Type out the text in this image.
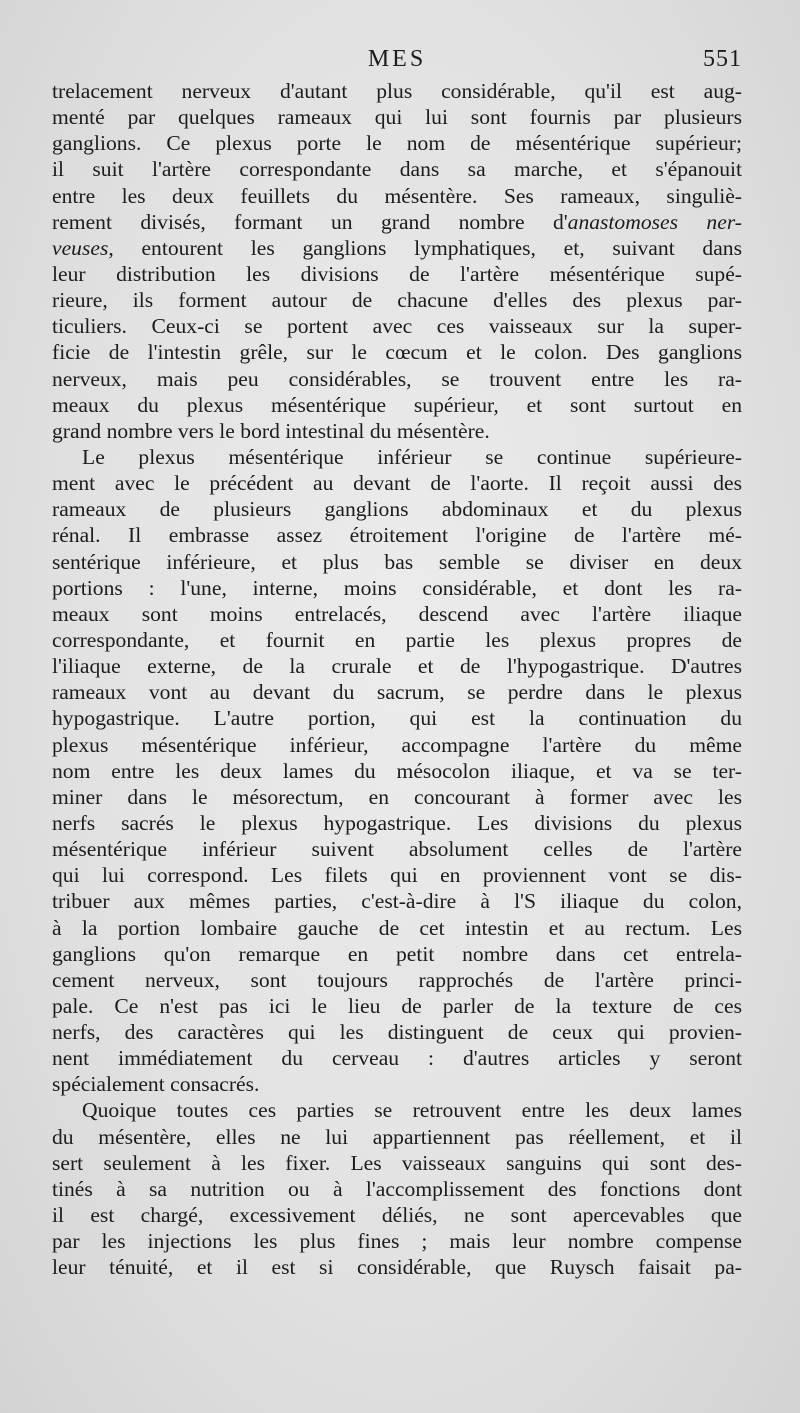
MES	551
trelacement nerveux d'autant plus considérable, qu'il est aug-
menté par quelques rameaux qui lui sont fournis par plusieurs
ganglions. Ce plexus porte le nom de mésentérique supérieur;
il suit l'artère correspondante dans sa marche, et s'épanouit
entre les deux feuillets du mésentère. Ses rameaux, singuliè-
rement divisés, formant un grand nombre d'anastomoses ner-
veuses, entourent les ganglions lymphatiques, et, suivant dans
leur distribution les divisions de l'artère mésentérique supé-
rieure, ils forment autour de chacune d'elles des plexus par-
ticuliers. Ceux-ci se portent avec ces vaisseaux sur la super-
ficie de l'intestin grêle, sur le cœcum et le colon. Des ganglions
nerveux, mais peu considérables, se trouvent entre les ra-
meaux du plexus mésentérique supérieur, et sont surtout en
grand nombre vers le bord intestinal du mésentère.
Le plexus mésentérique inférieur se continue supérieure-
ment avec le précédent au devant de l'aorte. Il reçoit aussi des
rameaux de plusieurs ganglions abdominaux et du plexus
rénal. Il embrasse assez étroitement l'origine de l'artère mé-
sentérique inférieure, et plus bas semble se diviser en deux
portions : l'une, interne, moins considérable, et dont les ra-
meaux sont moins entrelacés, descend avec l'artère iliaque
correspondante, et fournit en partie les plexus propres de
l'iliaque externe, de la crurale et de l'hypogastrique. D'autres
rameaux vont au devant du sacrum, se perdre dans le plexus
hypogastrique. L'autre portion, qui est la continuation du
plexus mésentérique inférieur, accompagne l'artère du même
nom entre les deux lames du mésocolon iliaque, et va se ter-
miner dans le mésorectum, en concourant à former avec les
nerfs sacrés le plexus hypogastrique. Les divisions du plexus
mésentérique inférieur suivent absolument celles de l'artère
qui lui correspond. Les filets qui en proviennent vont se dis-
tribuer aux mêmes parties, c'est-à-dire à l'S iliaque du colon,
à la portion lombaire gauche de cet intestin et au rectum. Les
ganglions qu'on remarque en petit nombre dans cet entrela-
cement nerveux, sont toujours rapprochés de l'artère princi-
pale. Ce n'est pas ici le lieu de parler de la texture de ces
nerfs, des caractères qui les distinguent de ceux qui provien-
nent immédiatement du cerveau : d'autres articles y seront
spécialement consacrés.
Quoique toutes ces parties se retrouvent entre les deux lames
du mésentère, elles ne lui appartiennent pas réellement, et il
sert seulement à les fixer. Les vaisseaux sanguins qui sont des-
tinés à sa nutrition ou à l'accomplissement des fonctions dont
il est chargé, excessivement déliés, ne sont apercevables que
par les injections les plus fines ; mais leur nombre compense
leur ténuité, et il est si considérable, que Ruysch faisait pa-
